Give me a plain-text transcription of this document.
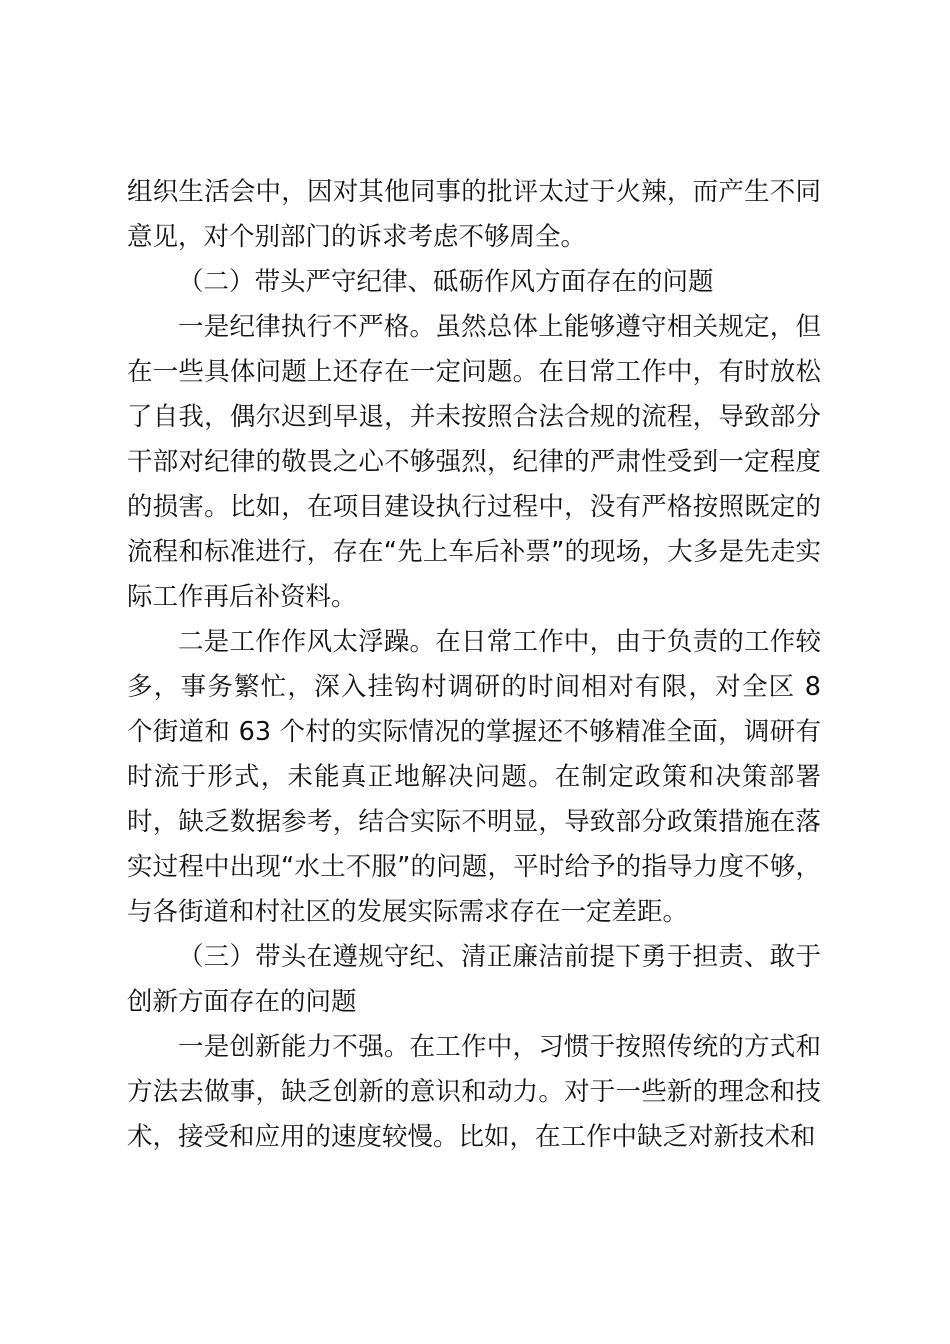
组织生活会中，因对其他同事的批评太过于火辣，而产生不同意见，对个别部门的诉求考虑不够周全。

（二）带头严守纪律、砥砺作风方面存在的问题

一是纪律执行不严格。虽然总体上能够遵守相关规定，但在一些具体问题上还存在一定问题。在日常工作中，有时放松了自我，偶尔迟到早退，并未按照合法合规的流程，导致部分干部对纪律的敬畏之心不够强烈，纪律的严肃性受到一定程度的损害。比如，在项目建设执行过程中，没有严格按照既定的流程和标准进行，存在“先上车后补票”的现场，大多是先走实际工作再后补资料。

二是工作作风太浮躁。在日常工作中，由于负责的工作较多，事务繁忙，深入挂钩村调研的时间相对有限，对全区 8 个街道和 63 个村的实际情况的掌握还不够精准全面，调研有时流于形式，未能真正地解决问题。在制定政策和决策部署时，缺乏数据参考，结合实际不明显，导致部分政策措施在落实过程中出现“水土不服”的问题，平时给予的指导力度不够，与各街道和村社区的发展实际需求存在一定差距。

（三）带头在遵规守纪、清正廉洁前提下勇于担责、敢于创新方面存在的问题

一是创新能力不强。在工作中，习惯于按照传统的方式和方法去做事，缺乏创新的意识和动力。对于一些新的理念和技术，接受和应用的速度较慢。比如，在工作中缺乏对新技术和
